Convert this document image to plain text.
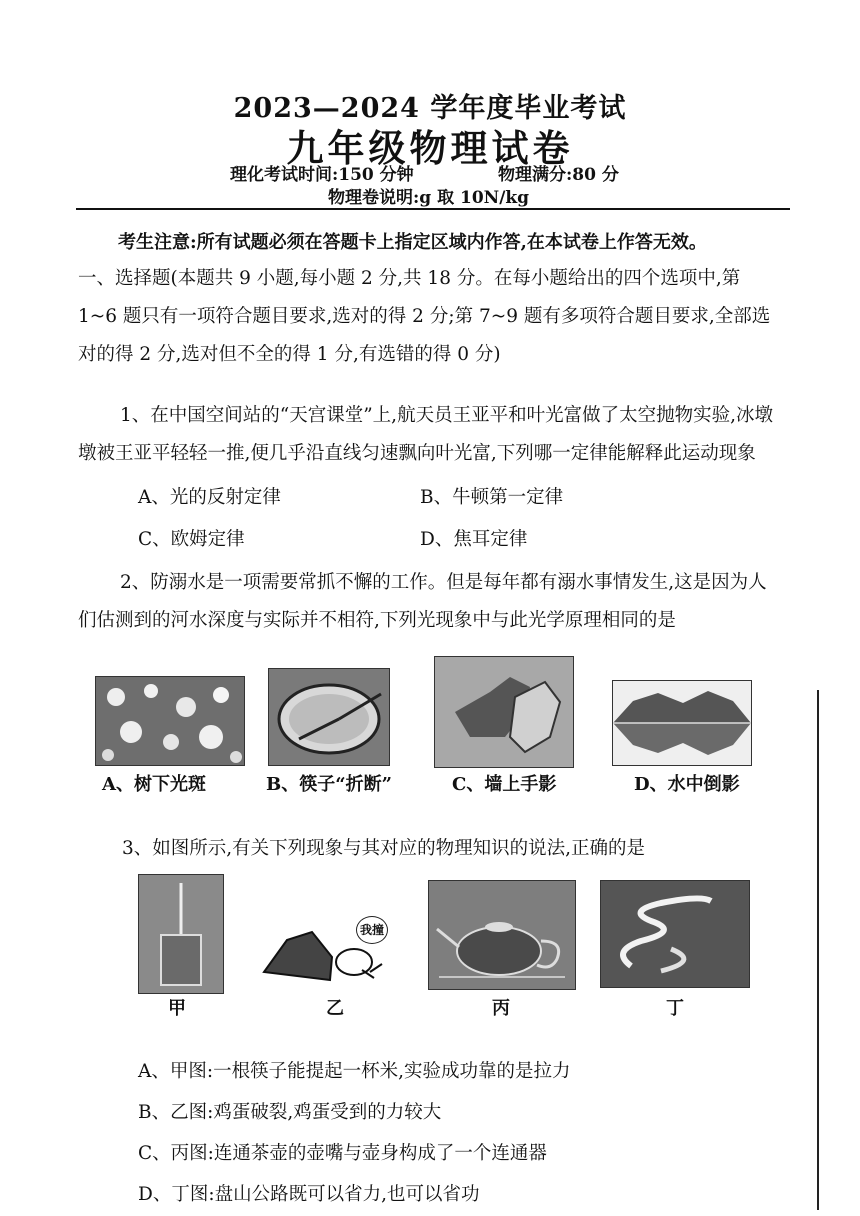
2023—2024 学年度毕业考试
九年级物理试卷
理化考试时间:150 分钟	物理满分:80 分
物理卷说明:g 取 10N/kg
考生注意:所有试题必须在答题卡上指定区域内作答,在本试卷上作答无效。
一、选择题(本题共 9 小题,每小题 2 分,共 18 分。在每小题给出的四个选项中,第 1~6 题只有一项符合题目要求,选对的得 2 分;第 7~9 题有多项符合题目要求,全部选对的得 2 分,选对但不全的得 1 分,有选错的得 0 分)
1、在中国空间站的“天宫课堂”上,航天员王亚平和叶光富做了太空抛物实验,冰墩墩被王亚平轻轻一推,便几乎沿直线匀速飘向叶光富,下列哪一定律能解释此运动现象
A、光的反射定律	B、牛顿第一定律
C、欧姆定律	D、焦耳定律
2、防溺水是一项需要常抓不懈的工作。但是每年都有溺水事情发生,这是因为人们估测到的河水深度与实际并不相符,下列光现象中与此光学原理相同的是
A、树下光斑	B、筷子“折断”	C、墙上手影	D、水中倒影
3、如图所示,有关下列现象与其对应的物理知识的说法,正确的是
我撞
甲	乙	丙	丁
A、甲图:一根筷子能提起一杯米,实验成功靠的是拉力
B、乙图:鸡蛋破裂,鸡蛋受到的力较大
C、丙图:连通茶壶的壶嘴与壶身构成了一个连通器
D、丁图:盘山公路既可以省力,也可以省功
